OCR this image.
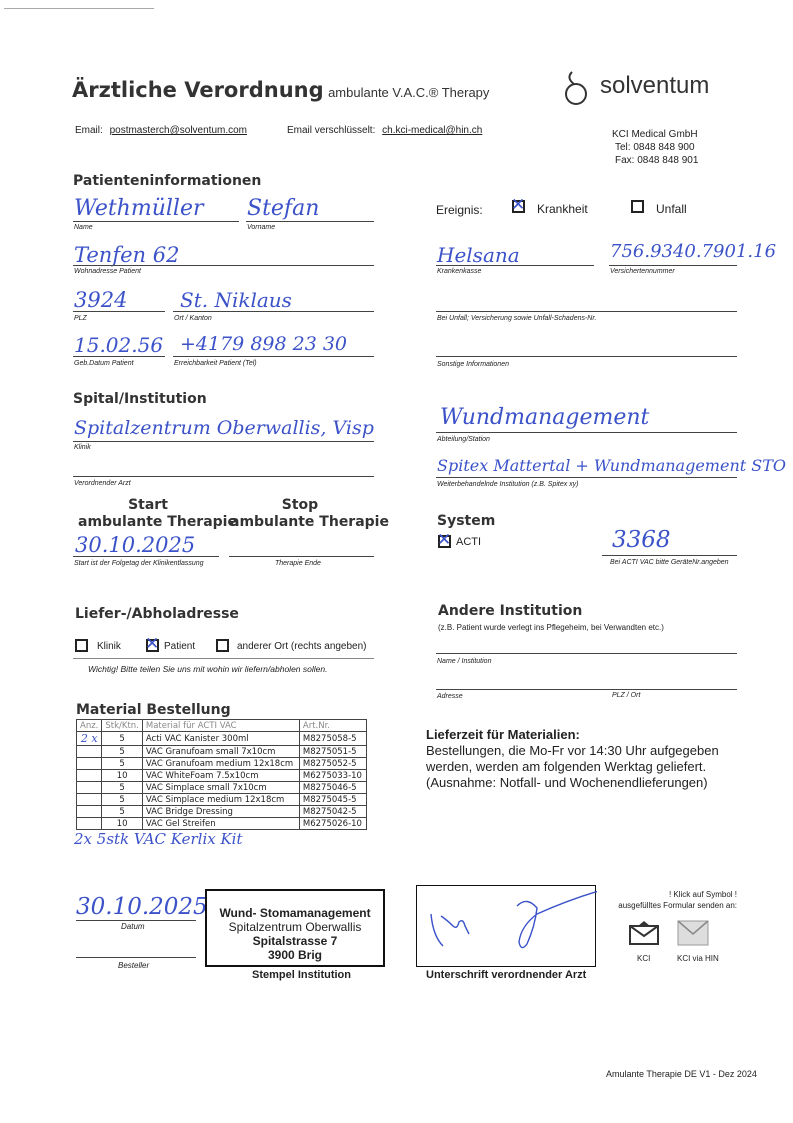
Ärztliche Verordnung ambulante V.A.C.® Therapy	solventum
Email: postmasterch@solventum.com	Email verschlüsselt: ch.kci-medical@hin.ch	KCI Medical GmbH
Tel: 0848 848 900
Fax: 0848 848 901
Patienteninformationen
Wethmüller
Name
Stefan
Vorname
Tenfen 62
Wohnadresse Patient
3924
PLZ
St. Niklaus
Ort / Kanton
15.02.56
Geb.Datum Patient
+4179 898 23 30
Erreichbarkeit Patient (Tel)
Ereignis: ✕	Krankheit	Unfall
Helsana
Krankenkasse
756.9340.7901.16
Versichertennummer
Bei Unfall; Versicherung sowie Unfall-Schadens-Nr.
Sonstige Informationen
Spital/Institution
Spitalzentrum Oberwallis, Visp
Klinik
Verordnender Arzt
Wundmanagement
Abteilung/Station
Spitex Mattertal + Wundmanagement STO
Weiterbehandelnde Institution (z.B. Spitex xy)
Start
ambulante Therapie
Stop
ambulante Therapie
30.10.2025
Start ist der Folgetag der Klinikentlassung	Therapie Ende
System
✕
ACTI	3368
Bei ACTI VAC bitte GeräteNr.angeben
Liefer-/Abholadresse
Klinik ✕	Patient	anderer Ort (rechts angeben)
Wichtig! Bitte teilen Sie uns mit wohin wir liefern/abholen sollen.
Andere Institution
(z.B. Patient wurde verlegt ins Pflegeheim, bei Verwandten etc.)
Name / Institution
Adresse	PLZ / Ort
Material Bestellung
Anz.	Stk/Ktn.	Material für ACTI VAC	Art.Nr.
2 x	5	Acti VAC Kanister 300ml	M8275058-5
	5	VAC Granufoam small 7x10cm	M8275051-5
	5	VAC Granufoam medium 12x18cm	M8275052-5
	10	VAC WhiteFoam 7.5x10cm	M6275033-10
	5	VAC Simplace small 7x10cm	M8275046-5
	5	VAC Simplace medium 12x18cm	M8275045-5
	5	VAC Bridge Dressing	M8275042-5
	10	VAC Gel Streifen	M6275026-10
2x 5stk VAC Kerlix Kit
Lieferzeit für Materialien:
Bestellungen, die Mo-Fr vor 14:30 Uhr aufgegeben
werden, werden am folgenden Werktag geliefert.
(Ausnahme: Notfall- und Wochenendlieferungen)
30.10.2025
Datum
Besteller
Wund- Stomamanagement
Spitalzentrum Oberwallis
Spitalstrasse 7
3900 Brig
Stempel Institution	Unterschrift verordnender Arzt
! Klick auf Symbol !
ausgefülltes Formular senden an:
KCI	KCI via HIN
Amulante Therapie DE V1 - Dez 2024
